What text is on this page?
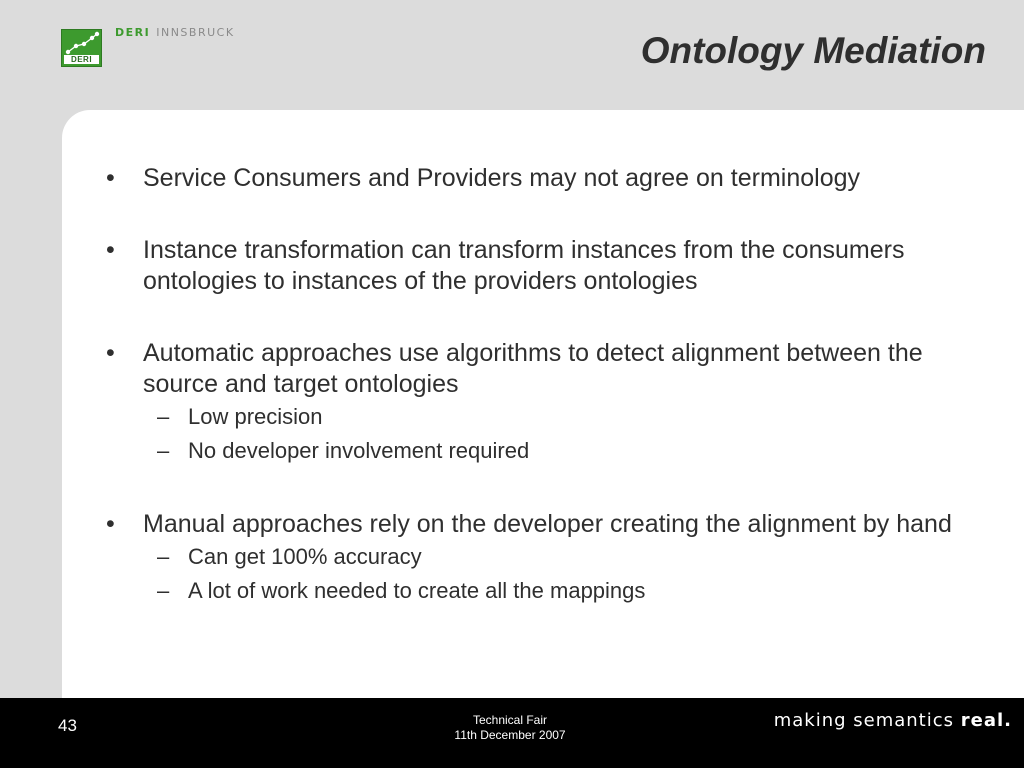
DERI
DERI INNSBRUCK	Ontology Mediation
• Service Consumers and Providers may not agree on terminology
• Instance transformation can transform instances from the consumers ontologies to instances of the providers ontologies
• Automatic approaches use algorithms to detect alignment between the source and target ontologies
– Low precision
– No developer involvement required
• Manual approaches rely on the developer creating the alignment by hand
– Can get 100% accuracy
– A lot of work needed to create all the mappings
43	Technical Fair
11th December 2007
making semantics real.
